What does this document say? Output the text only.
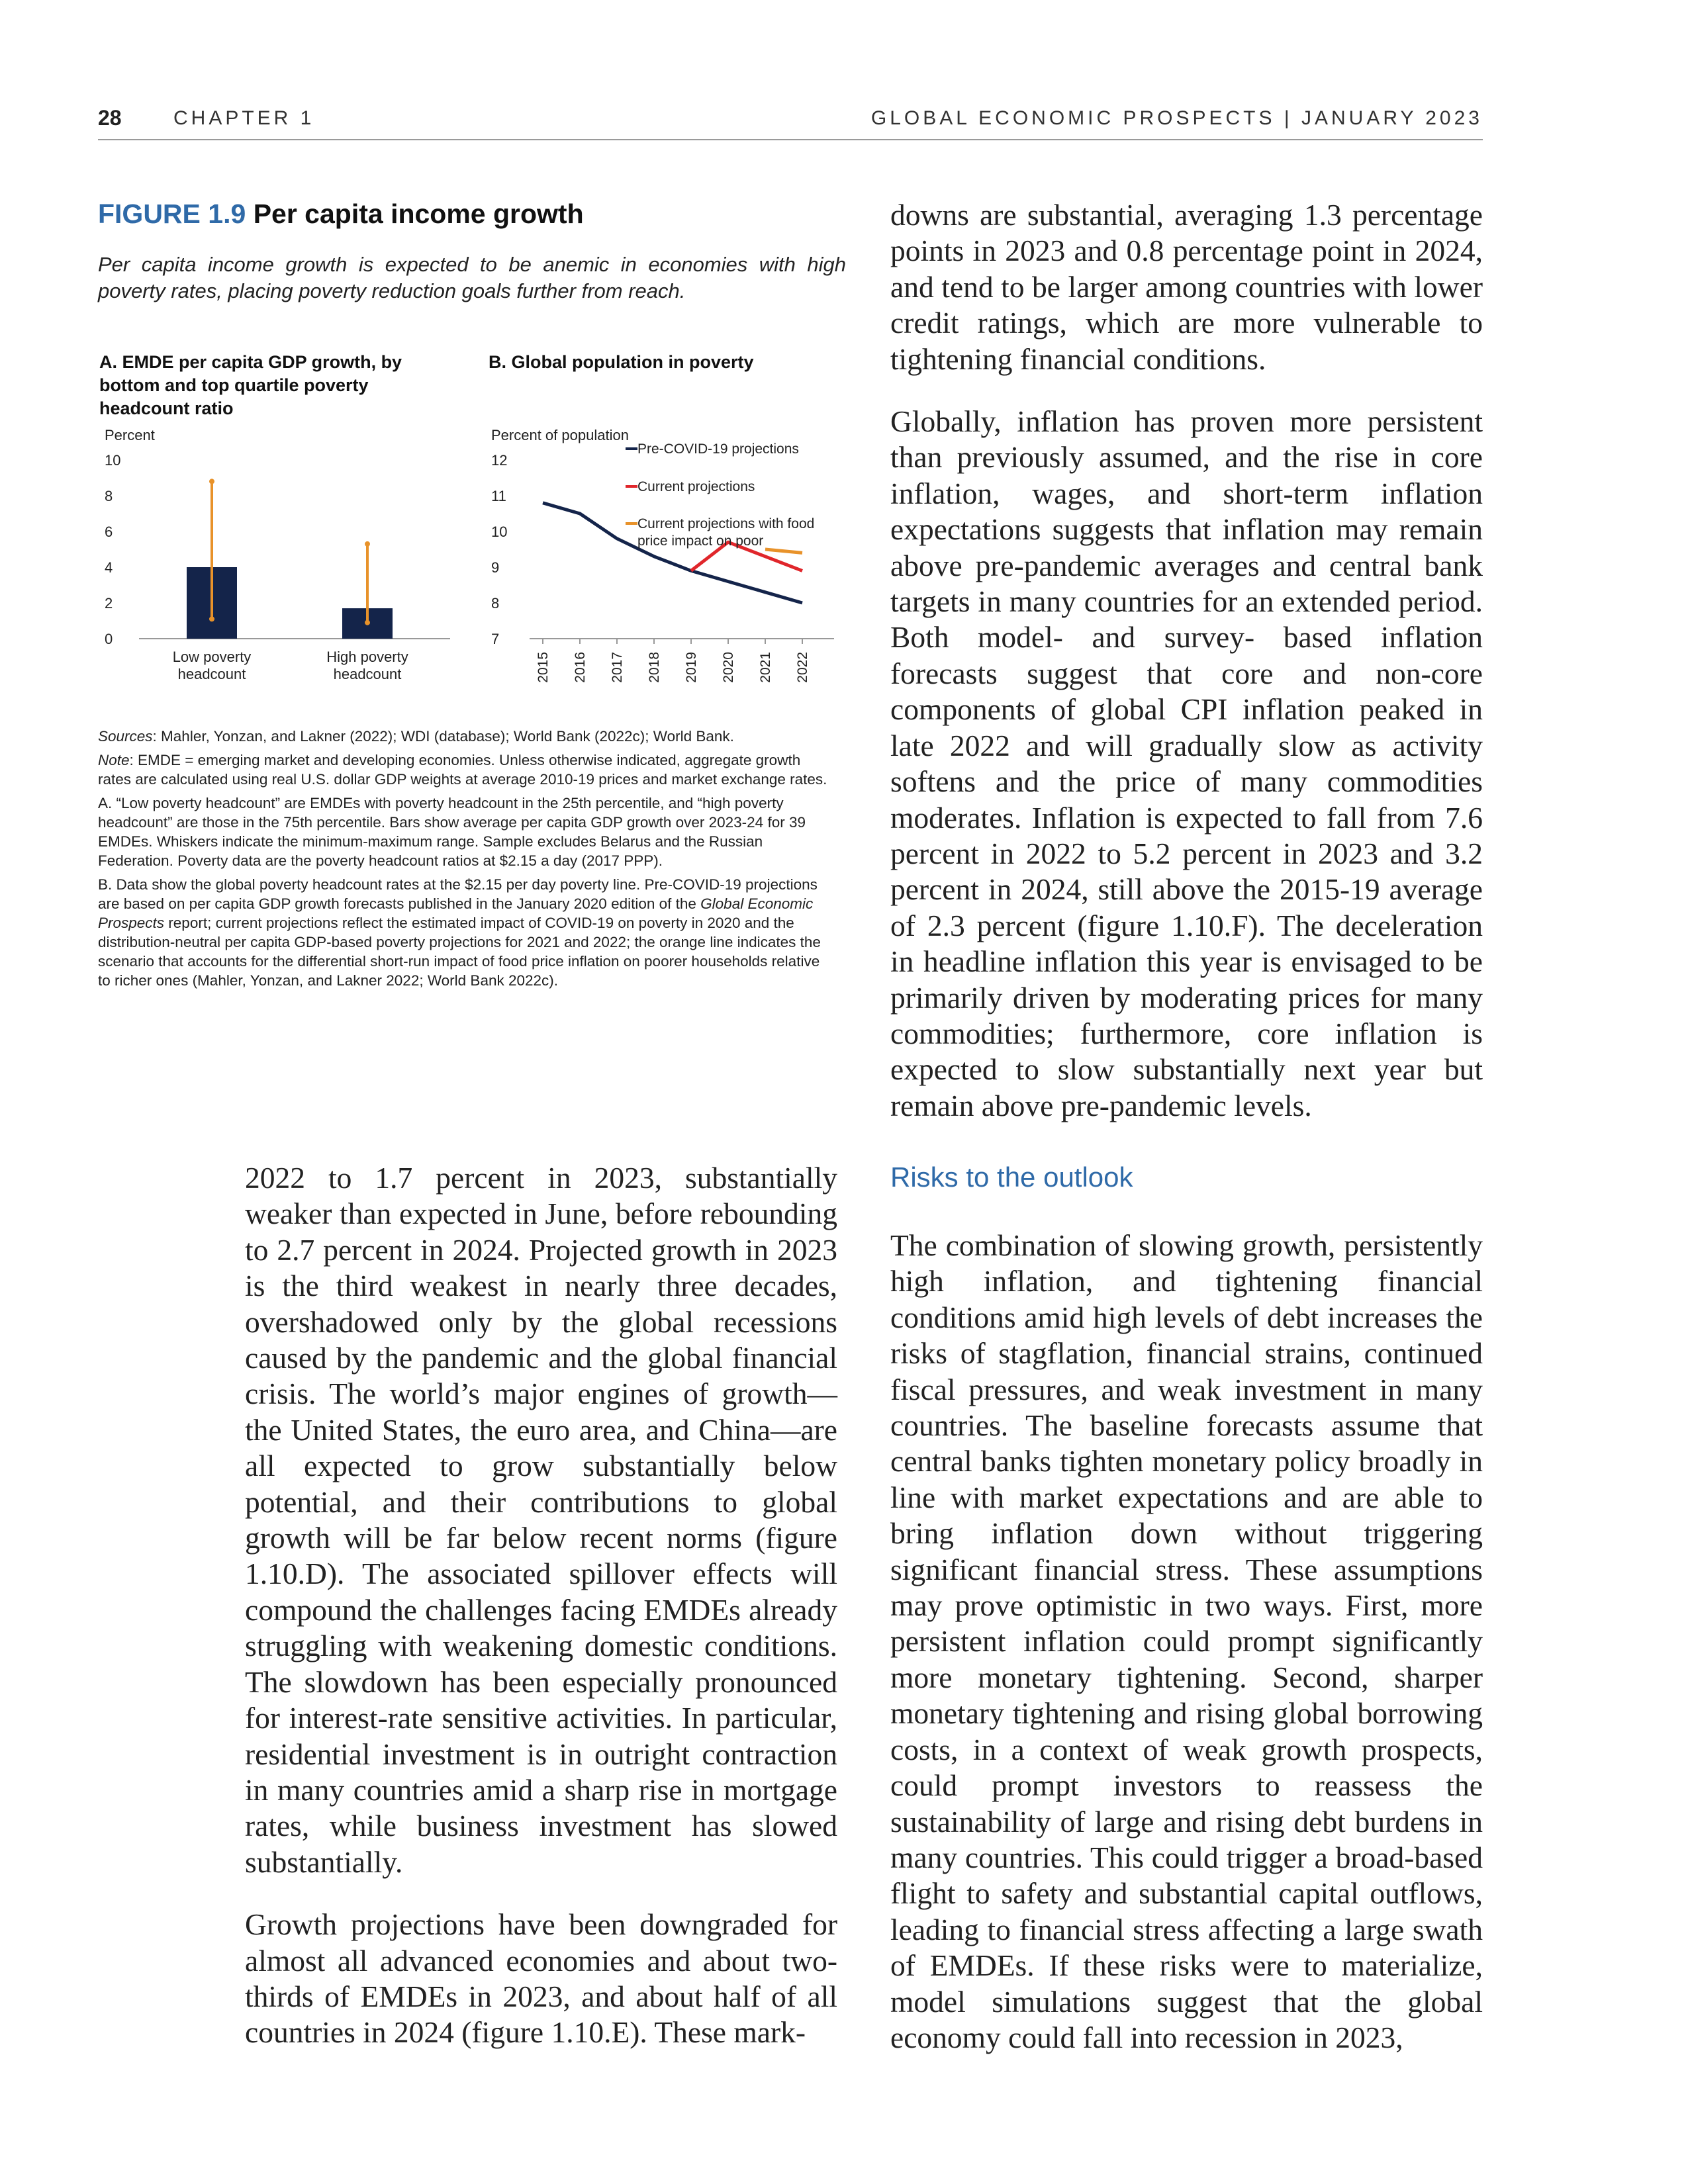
28	CHAPTER 1	GLOBAL ECONOMIC PROSPECTS | JANUARY 2023
FIGURE 1.9 Per capita income growth
Per capita income growth is expected to be anemic in economies with high poverty rates, placing poverty reduction goals further from reach.
A. EMDE per capita GDP growth, by bottom and top quartile poverty headcount ratio
B. Global population in poverty
Percent
10
8
6
4
2
0
Low poverty headcount
High poverty headcount
Percent of population
12
11
10
9
8
7
2015 2016 2017 2018 2019 2020 2021 2022
Pre-COVID-19 projections
Current projections
Current projections with food price impact on poor

Sources: Mahler, Yonzan, and Lakner (2022); WDI (database); World Bank (2022c); World Bank.

Note: EMDE = emerging market and developing economies. Unless otherwise indicated, aggregate growth rates are calculated using real U.S. dollar GDP weights at average 2010-19 prices and market exchange rates.

A. “Low poverty headcount” are EMDEs with poverty headcount in the 25th percentile, and “high poverty headcount” are those in the 75th percentile. Bars show average per capita GDP growth over 2023-24 for 39 EMDEs. Whiskers indicate the minimum-maximum range. Sample excludes Belarus and the Russian Federation. Poverty data are the poverty headcount ratios at $2.15 a day (2017 PPP).

B. Data show the global poverty headcount rates at the $2.15 per day poverty line. Pre-COVID-19 projections are based on per capita GDP growth forecasts published in the January 2020 edition of the Global Economic Prospects report; current projections reflect the estimated impact of COVID-19 on poverty in 2020 and the distribution-neutral per capita GDP-based poverty projections for 2021 and 2022; the orange line indicates the scenario that accounts for the differential short-run impact of food price inflation on poorer households relative to richer ones (Mahler, Yonzan, and Lakner 2022; World Bank 2022c).

2022 to 1.7 percent in 2023, substantially weaker than expected in June, before rebounding to 2.7 percent in 2024. Projected growth in 2023 is the third weakest in nearly three decades, overshadowed only by the global recessions caused by the pandemic and the global financial crisis. The world’s major engines of growth—the United States, the euro area, and China—are all expected to grow substantially below potential, and their contributions to global growth will be far below recent norms (figure 1.10.D). The associated spillover effects will compound the challenges facing EMDEs already struggling with weakening domestic conditions. The slowdown has been especially pronounced for interest-rate sensitive activities. In particular, residential investment is in outright contraction in many countries amid a sharp rise in mortgage rates, while business investment has slowed substantially.

Growth projections have been downgraded for almost all advanced economies and about two-thirds of EMDEs in 2023, and about half of all countries in 2024 (figure 1.10.E). These mark-

downs are substantial, averaging 1.3 percentage points in 2023 and 0.8 percentage point in 2024, and tend to be larger among countries with lower credit ratings, which are more vulnerable to tightening financial conditions.

Globally, inflation has proven more persistent than previously assumed, and the rise in core inflation, wages, and short-term inflation expectations suggests that inflation may remain above pre-pandemic averages and central bank targets in many countries for an extended period. Both model- and survey- based inflation forecasts suggest that core and non-core components of global CPI inflation peaked in late 2022 and will gradually slow as activity softens and the price of many commodities moderates. Inflation is expected to fall from 7.6 percent in 2022 to 5.2 percent in 2023 and 3.2 percent in 2024, still above the 2015-19 average of 2.3 percent (figure 1.10.F). The deceleration in headline inflation this year is envisaged to be primarily driven by moderating prices for many commodities; furthermore, core inflation is expected to slow substantially next year but remain above pre-pandemic levels.

Risks to the outlook

The combination of slowing growth, persistently high inflation, and tightening financial conditions amid high levels of debt increases the risks of stagflation, financial strains, continued fiscal pressures, and weak investment in many countries. The baseline forecasts assume that central banks tighten monetary policy broadly in line with market expectations and are able to bring inflation down without triggering significant financial stress. These assumptions may prove optimistic in two ways. First, more persistent inflation could prompt significantly more monetary tightening. Second, sharper monetary tightening and rising global borrowing costs, in a context of weak growth prospects, could prompt investors to reassess the sustainability of large and rising debt burdens in many countries. This could trigger a broad-based flight to safety and substantial capital outflows, leading to financial stress affecting a large swath of EMDEs. If these risks were to materialize, model simulations suggest that the global economy could fall into recession in 2023,
